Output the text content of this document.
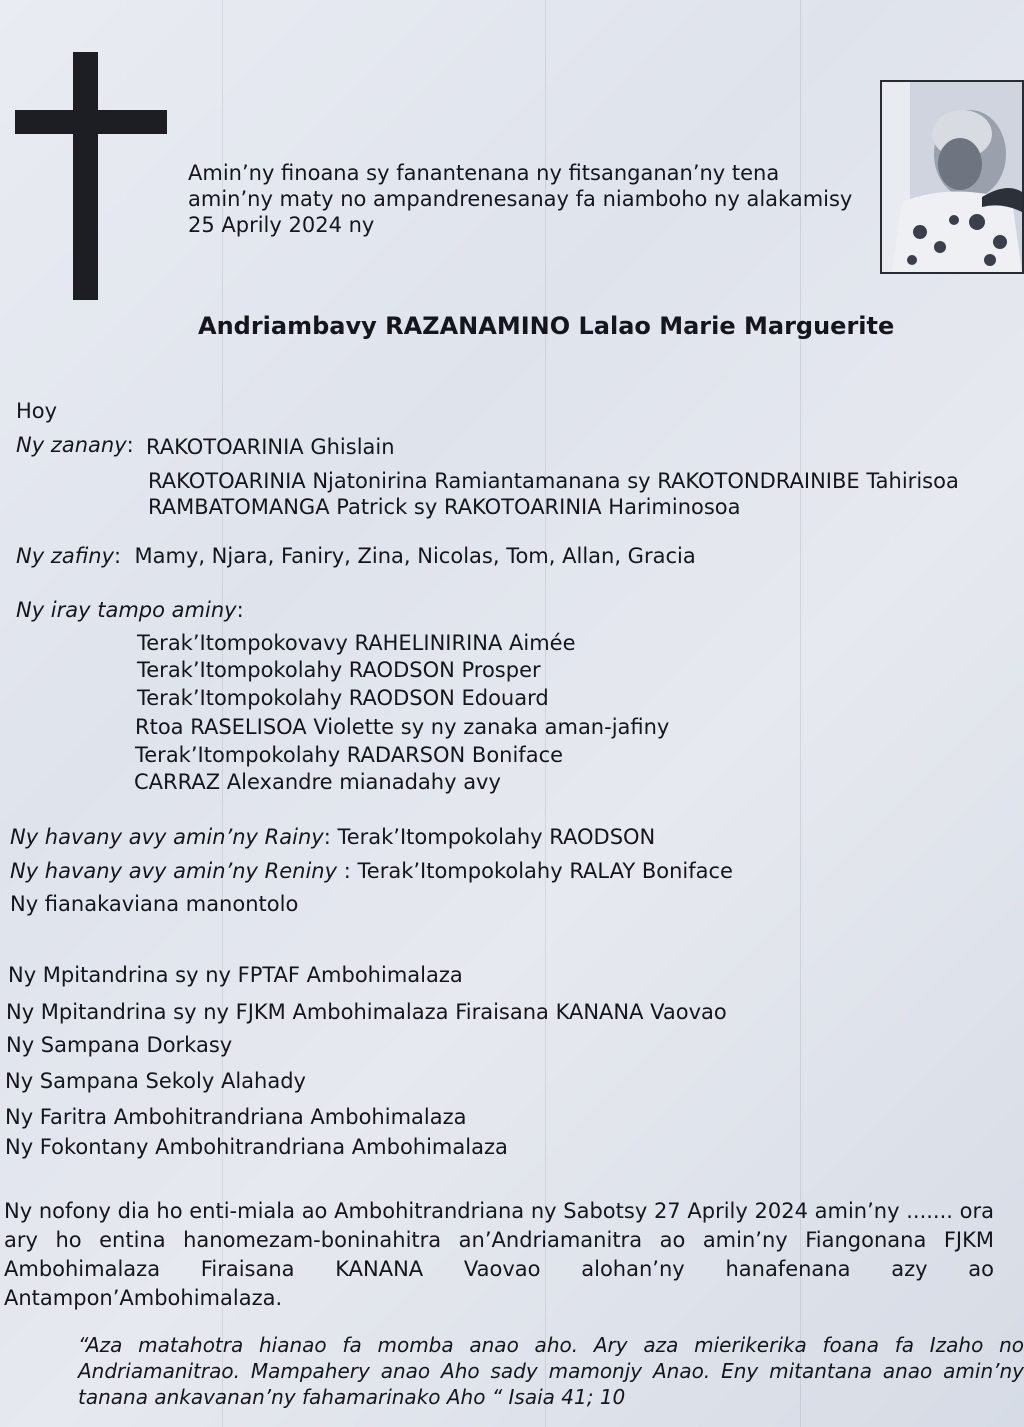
Amin’ny finoana sy fanantenana ny fitsanganan’ny tena amin’ny maty no ampandrenesanay fa niamboho ny alakamisy 25 Aprily 2024 ny
Andriambavy RAZANAMINO Lalao Marie Marguerite
Hoy
Ny zanany: RAKOTOARINIA Ghislain
RAKOTOARINIA Njatonirina Ramiantamanana sy RAKOTONDRAINIBE Tahirisoa
RAMBATOMANGA Patrick sy RAKOTOARINIA Hariminosoa
Ny zafiny: Mamy, Njara, Faniry, Zina, Nicolas, Tom, Allan, Gracia
Ny iray tampo aminy:
Terak’Itompokovavy RAHELINIRINA Aimée
Terak’Itompokolahy RAODSON Prosper
Terak’Itompokolahy RAODSON Edouard
Rtoa RASELISOA Violette sy ny zanaka aman-jafiny
Terak’Itompokolahy RADARSON Boniface
CARRAZ Alexandre mianadahy avy
Ny havany avy amin’ny Rainy: Terak’Itompokolahy RAODSON
Ny havany avy amin’ny Reniny : Terak’Itompokolahy RALAY Boniface
Ny fianakaviana manontolo
Ny Mpitandrina sy ny FPTAF Ambohimalaza
Ny Mpitandrina sy ny FJKM Ambohimalaza Firaisana KANANA Vaovao
Ny Sampana Dorkasy
Ny Sampana Sekoly Alahady
Ny Faritra Ambohitrandriana Ambohimalaza
Ny Fokontany Ambohitrandriana Ambohimalaza
Ny nofony dia ho enti-miala ao Ambohitrandriana ny Sabotsy 27 Aprily 2024 amin’ny ....... ora ary ho entina hanomezam-boninahitra an’Andriamanitra ao amin’ny Fiangonana FJKM Ambohimalaza Firaisana KANANA Vaovao alohan’ny hanafenana azy ao Antampon’Ambohimalaza.
“Aza matahotra hianao fa momba anao aho. Ary aza mierikerika foana fa Izaho no Andriamanitrao. Mampahery anao Aho sady mamonjy Anao. Eny mitantana anao amin’ny tanana ankavanan’ny fahamarinako Aho “ Isaia 41; 10
